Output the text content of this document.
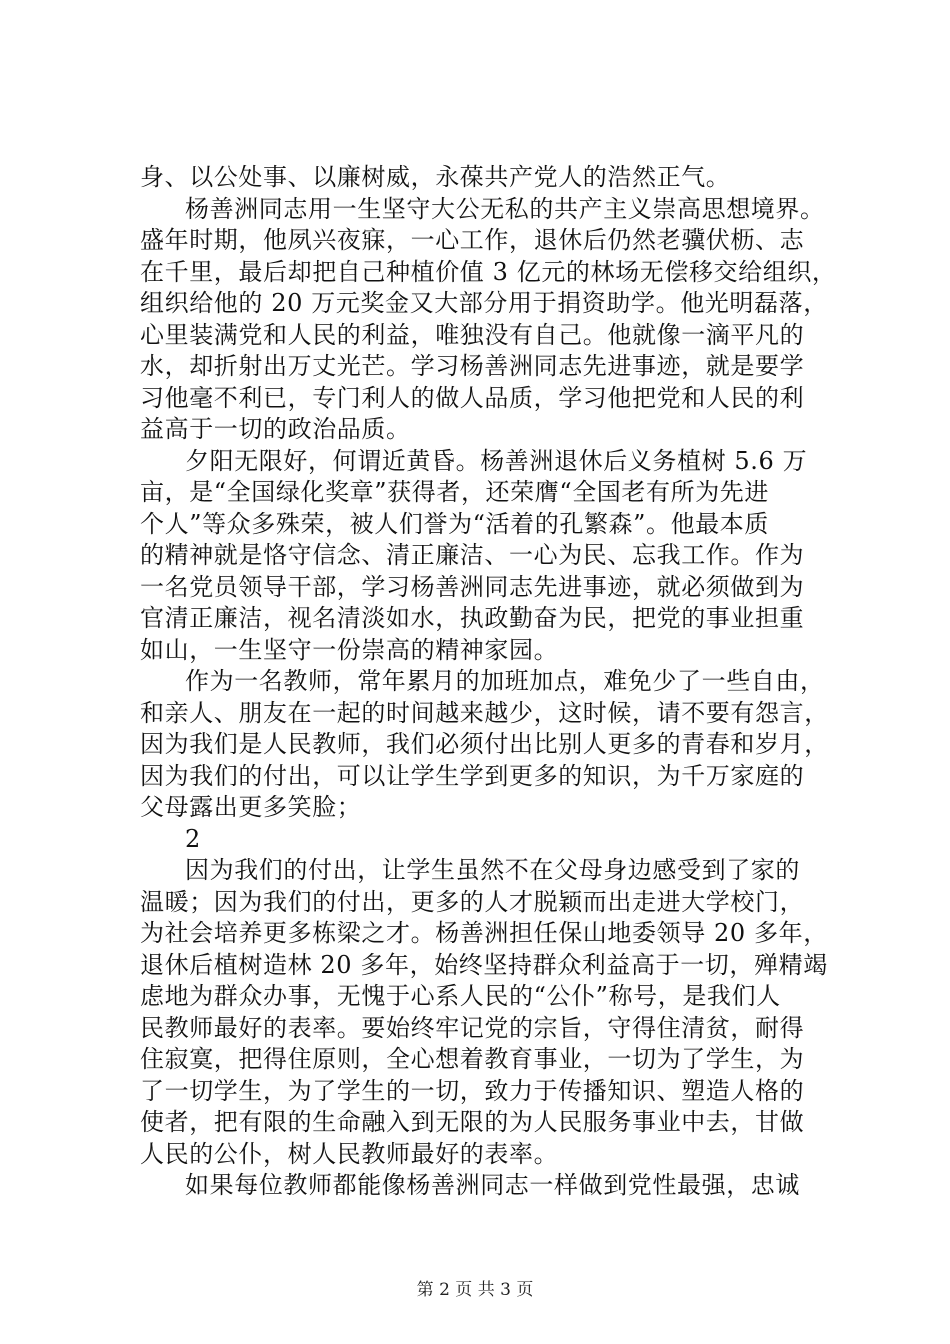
身、以公处事、以廉树威，永葆共产党人的浩然正气。
杨善洲同志用一生坚守大公无私的共产主义崇高思想境界。
盛年时期，他夙兴夜寐，一心工作，退休后仍然老骥伏枥、志
在千里，最后却把自己种植价值 3 亿元的林场无偿移交给组织，
组织给他的 20 万元奖金又大部分用于捐资助学。他光明磊落，
心里装满党和人民的利益，唯独没有自己。他就像一滴平凡的
水，却折射出万丈光芒。学习杨善洲同志先进事迹，就是要学
习他毫不利已，专门利人的做人品质，学习他把党和人民的利
益高于一切的政治品质。
夕阳无限好，何谓近黄昏。杨善洲退休后义务植树 5.6 万
亩，是“全国绿化奖章”获得者，还荣膺“全国老有所为先进
个人”等众多殊荣，被人们誉为“活着的孔繁森”。他最本质
的精神就是恪守信念、清正廉洁、一心为民、忘我工作。作为
一名党员领导干部，学习杨善洲同志先进事迹，就必须做到为
官清正廉洁，视名清淡如水，执政勤奋为民，把党的事业担重
如山，一生坚守一份崇高的精神家园。
作为一名教师，常年累月的加班加点，难免少了一些自由，
和亲人、朋友在一起的时间越来越少，这时候，请不要有怨言，
因为我们是人民教师，我们必须付出比别人更多的青春和岁月，
因为我们的付出，可以让学生学到更多的知识，为千万家庭的
父母露出更多笑脸；
2
因为我们的付出，让学生虽然不在父母身边感受到了家的
温暖；因为我们的付出，更多的人才脱颖而出走进大学校门，
为社会培养更多栋梁之才。杨善洲担任保山地委领导 20 多年，
退休后植树造林 20 多年，始终坚持群众利益高于一切，殚精竭
虑地为群众办事，无愧于心系人民的“公仆”称号，是我们人
民教师最好的表率。要始终牢记党的宗旨，守得住清贫，耐得
住寂寞，把得住原则，全心想着教育事业，一切为了学生，为
了一切学生，为了学生的一切，致力于传播知识、塑造人格的
使者，把有限的生命融入到无限的为人民服务事业中去，甘做
人民的公仆，树人民教师最好的表率。
如果每位教师都能像杨善洲同志一样做到党性最强，忠诚
第 2 页 共 3 页
